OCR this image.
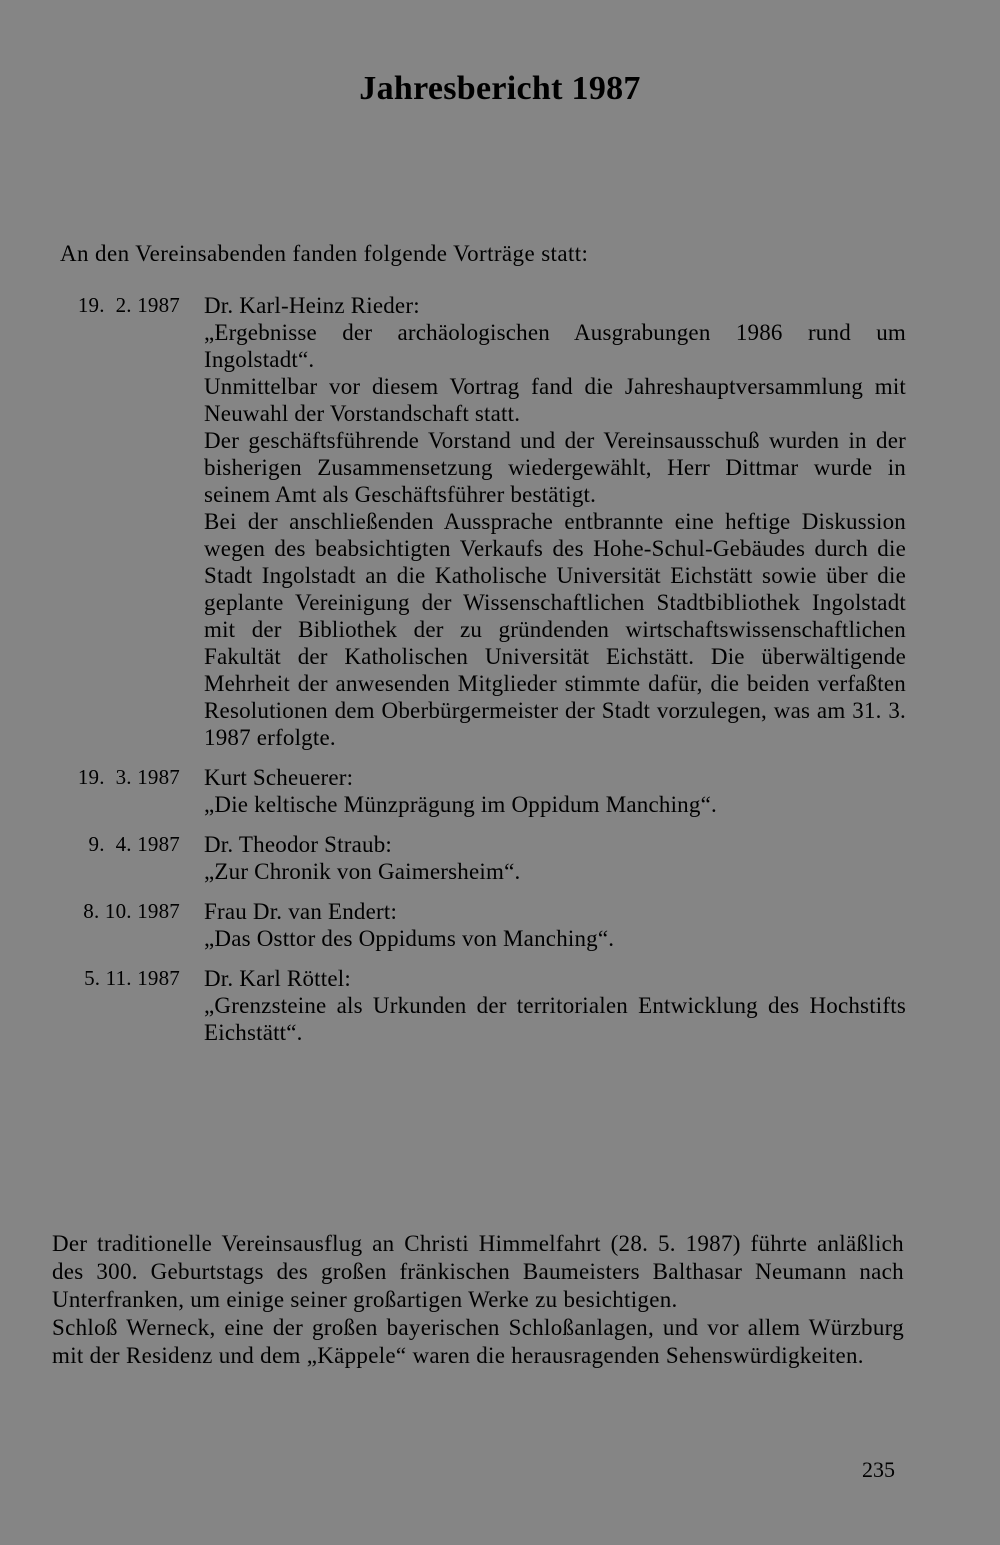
Jahresbericht 1987
An den Vereinsabenden fanden folgende Vorträge statt:
19.  2. 1987	Dr. Karl-Heinz Rieder:

„Ergebnisse der archäologischen Ausgrabungen 1986 rund um Ingolstadt“.

Unmittelbar vor diesem Vortrag fand die Jahreshauptversammlung mit Neuwahl der Vorstandschaft statt.

Der geschäftsführende Vorstand und der Vereinsausschuß wurden in der bisherigen Zusammensetzung wiedergewählt, Herr Dittmar wurde in seinem Amt als Geschäftsführer bestätigt.

Bei der anschließenden Aussprache entbrannte eine heftige Diskussion wegen des beabsichtigten Verkaufs des Hohe-Schul-Gebäudes durch die Stadt Ingolstadt an die Katholische Universität Eichstätt sowie über die geplante Vereinigung der Wissenschaftlichen Stadtbibliothek Ingolstadt mit der Bibliothek der zu gründenden wirtschaftswissenschaftlichen Fakultät der Katholischen Universität Eichstätt. Die überwältigende Mehrheit der anwesenden Mitglieder stimmte dafür, die beiden verfaßten Resolutionen dem Oberbürgermeister der Stadt vorzulegen, was am 31. 3. 1987 erfolgte.

19.  3. 1987	Kurt Scheuerer:

„Die keltische Münzprägung im Oppidum Manching“.

9.  4. 1987	Dr. Theodor Straub:

„Zur Chronik von Gaimersheim“.

8. 10. 1987	Frau Dr. van Endert:

„Das Osttor des Oppidums von Manching“.

5. 11. 1987	Dr. Karl Röttel:

„Grenzsteine als Urkunden der territorialen Entwicklung des Hochstifts Eichstätt“.

Der traditionelle Vereinsausflug an Christi Himmelfahrt (28. 5. 1987) führte anläßlich des 300. Geburtstags des großen fränkischen Baumeisters Balthasar Neumann nach Unterfranken, um einige seiner großartigen Werke zu besichtigen.

Schloß Werneck, eine der großen bayerischen Schloßanlagen, und vor allem Würzburg mit der Residenz und dem „Käppele“ waren die herausragenden Sehenswürdigkeiten.

235
